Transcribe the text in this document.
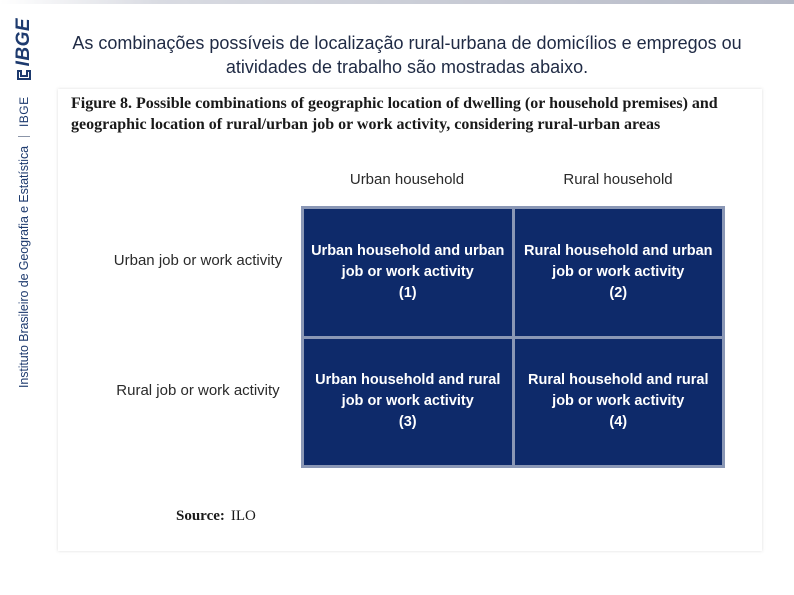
Instituto Brasileiro de Geografia e Estatística
IBGE
IBGE	As combinações possíveis de localização rural-urbana de domicílios e empregos ou atividades de trabalho são mostradas abaixo.
Figure 8. Possible combinations of geographic location of dwelling (or household premises) and geographic location of rural/urban job or work activity, considering rural-urban areas
Urban household	Rural household
Urban job or work activity
Rural job or work activity
Urban household and urban job or work activity
(1)
Rural household and urban job or work activity
(2)
Urban household and rural job or work activity
(3)
Rural household and rural job or work activity
(4)
Source: ILO
